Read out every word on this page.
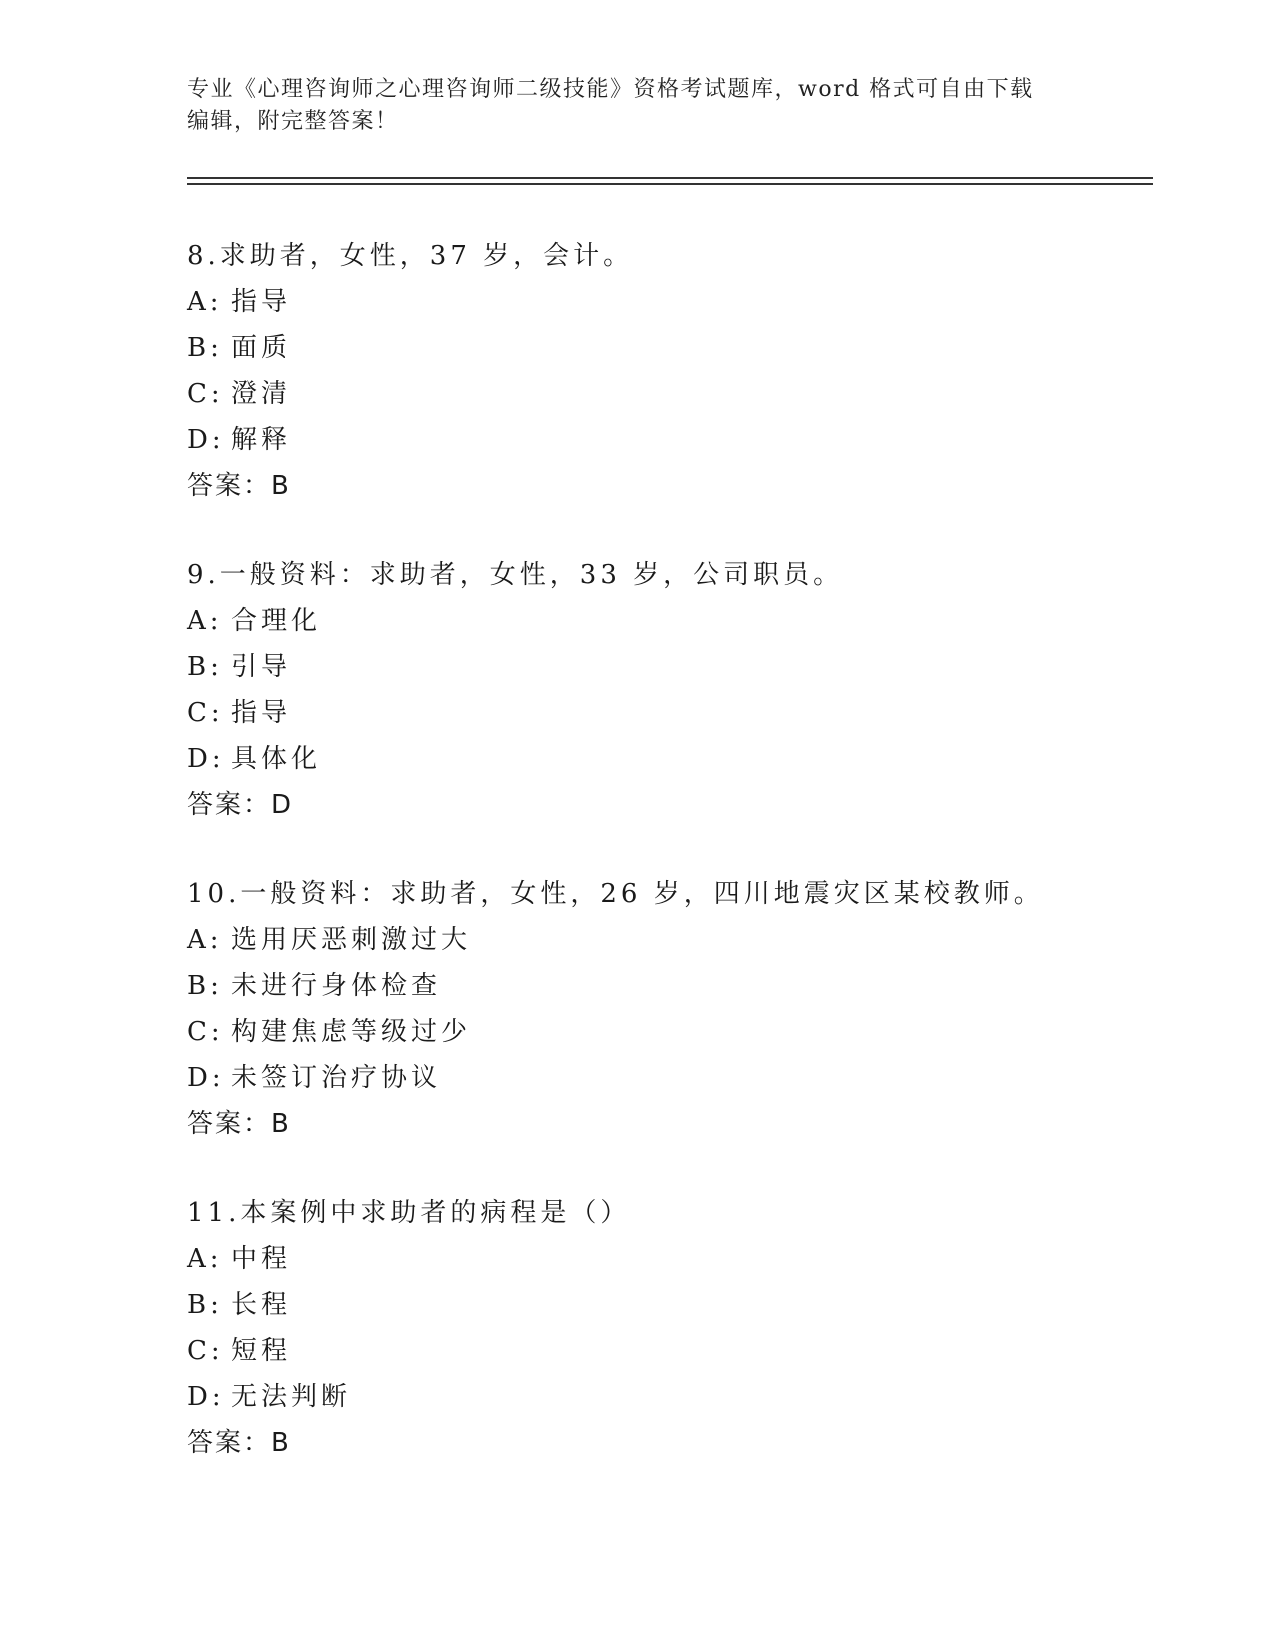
专业《心理咨询师之心理咨询师二级技能》资格考试题库，word 格式可自由下载
编辑，附完整答案！
8.求助者，女性，37 岁，会计。
A: 指导
B: 面质
C: 澄清
D: 解释
答案：B
9.一般资料：求助者，女性，33 岁，公司职员。
A: 合理化
B: 引导
C: 指导
D: 具体化
答案：D
10.一般资料：求助者，女性，26 岁，四川地震灾区某校教师。
A: 选用厌恶刺激过大
B: 未进行身体检查
C: 构建焦虑等级过少
D: 未签订治疗协议
答案：B
11.本案例中求助者的病程是（）
A: 中程
B: 长程
C: 短程
D: 无法判断
答案：B
